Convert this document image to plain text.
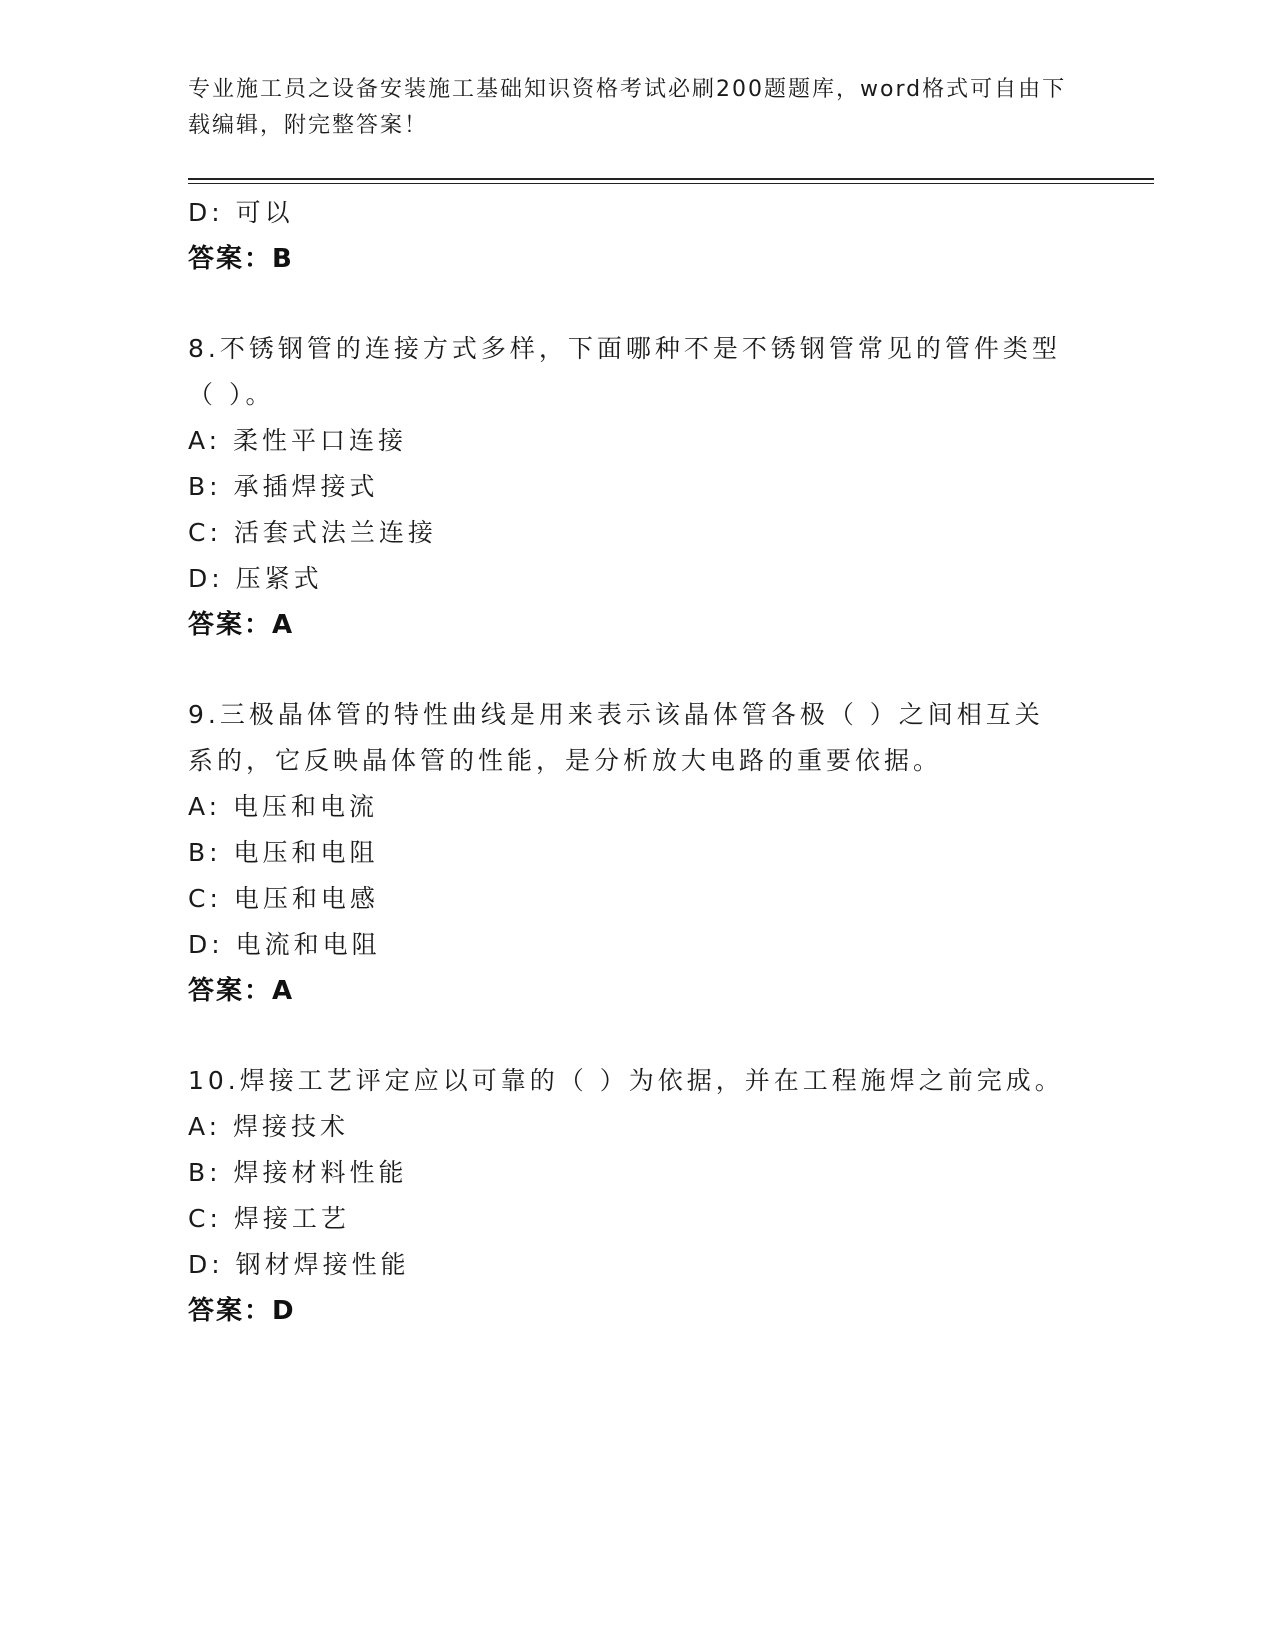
专业施工员之设备安装施工基础知识资格考试必刷200题题库，word格式可自由下载编辑，附完整答案！
D: 可以
答案：B
8.不锈钢管的连接方式多样，下面哪种不是不锈钢管常见的管件类型（ ）。
A: 柔性平口连接
B: 承插焊接式
C: 活套式法兰连接
D: 压紧式
答案：A
9.三极晶体管的特性曲线是用来表示该晶体管各极（ ）之间相互关系的，它反映晶体管的性能，是分析放大电路的重要依据。
A: 电压和电流
B: 电压和电阻
C: 电压和电感
D: 电流和电阻
答案：A
10.焊接工艺评定应以可靠的（ ）为依据，并在工程施焊之前完成。
A: 焊接技术
B: 焊接材料性能
C: 焊接工艺
D: 钢材焊接性能
答案：D
